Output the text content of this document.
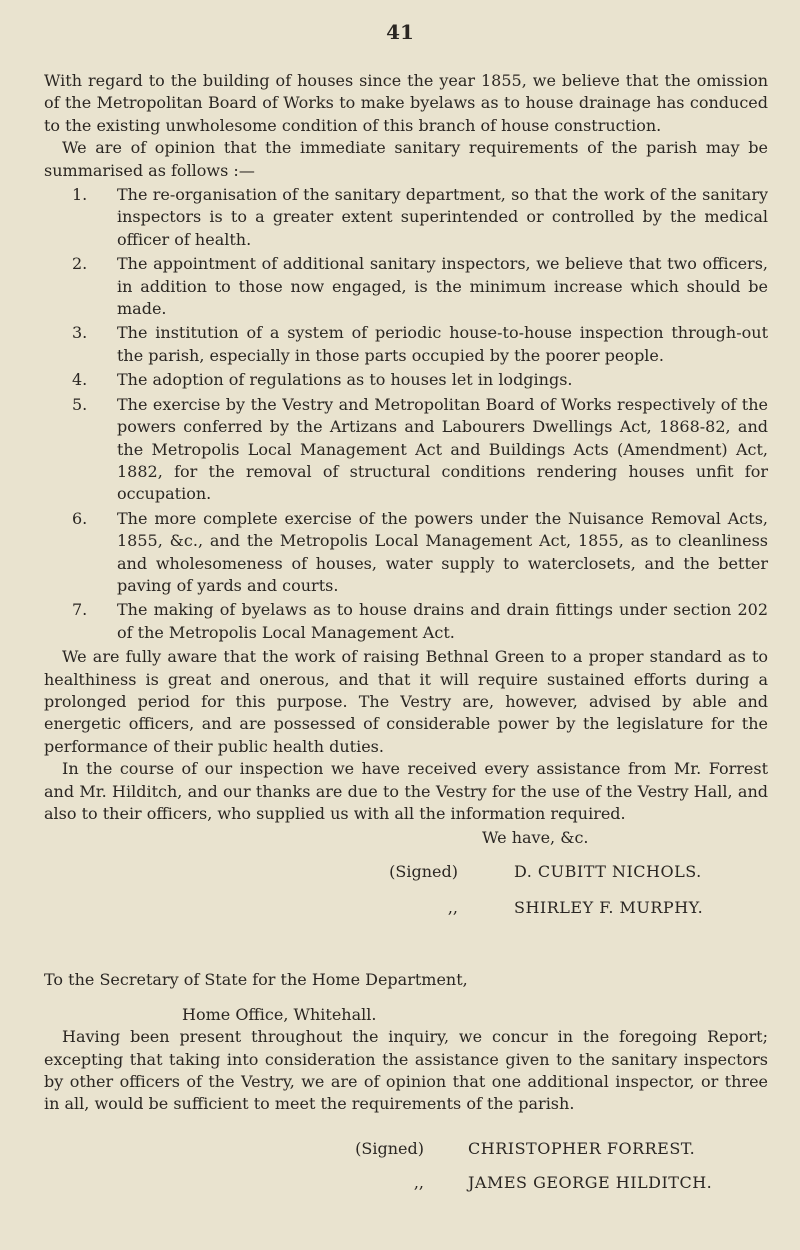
41

With regard to the building of houses since the year 1855, we believe that the omission of the Metropolitan Board of Works to make byelaws as to house drainage has conduced to the existing unwholesome condition of this branch of house construction.

We are of opinion that the immediate sanitary requirements of the parish may be summarised as follows :—

1. The re-organisation of the sanitary department, so that the work of the sanitary inspectors is to a greater extent superintended or controlled by the medical officer of health.
2. The appointment of additional sanitary inspectors, we believe that two officers, in addition to those now engaged, is the minimum increase which should be made.
3. The institution of a system of periodic house-to-house inspection through-out the parish, especially in those parts occupied by the poorer people.
4. The adoption of regulations as to houses let in lodgings.
5. The exercise by the Vestry and Metropolitan Board of Works respectively of the powers conferred by the Artizans and Labourers Dwellings Act, 1868-82, and the Metropolis Local Management Act and Buildings Acts (Amendment) Act, 1882, for the removal of structural conditions rendering houses unfit for occupation.
6. The more complete exercise of the powers under the Nuisance Removal Acts, 1855, &c., and the Metropolis Local Management Act, 1855, as to cleanliness and wholesomeness of houses, water supply to waterclosets, and the better paving of yards and courts.
7. The making of byelaws as to house drains and drain fittings under section 202 of the Metropolis Local Management Act.

We are fully aware that the work of raising Bethnal Green to a proper standard as to healthiness is great and onerous, and that it will require sustained efforts during a prolonged period for this purpose. The Vestry are, however, advised by able and energetic officers, and are possessed of considerable power by the legislature for the performance of their public health duties.

In the course of our inspection we have received every assistance from Mr. Forrest and Mr. Hilditch, and our thanks are due to the Vestry for the use of the Vestry Hall, and also to their officers, who supplied us with all the information required.

We have, &c.
(Signed)	D. CUBITT NICHOLS.
,,	SHIRLEY F. MURPHY.
To the Secretary of State for the Home Department,
Home Office, Whitehall.

Having been present throughout the inquiry, we concur in the foregoing Report; excepting that taking into consideration the assistance given to the sanitary inspectors by other officers of the Vestry, we are of opinion that one additional inspector, or three in all, would be sufficient to meet the requirements of the parish.

(Signed)	CHRISTOPHER FORREST.
,,	JAMES GEORGE HILDITCH.
